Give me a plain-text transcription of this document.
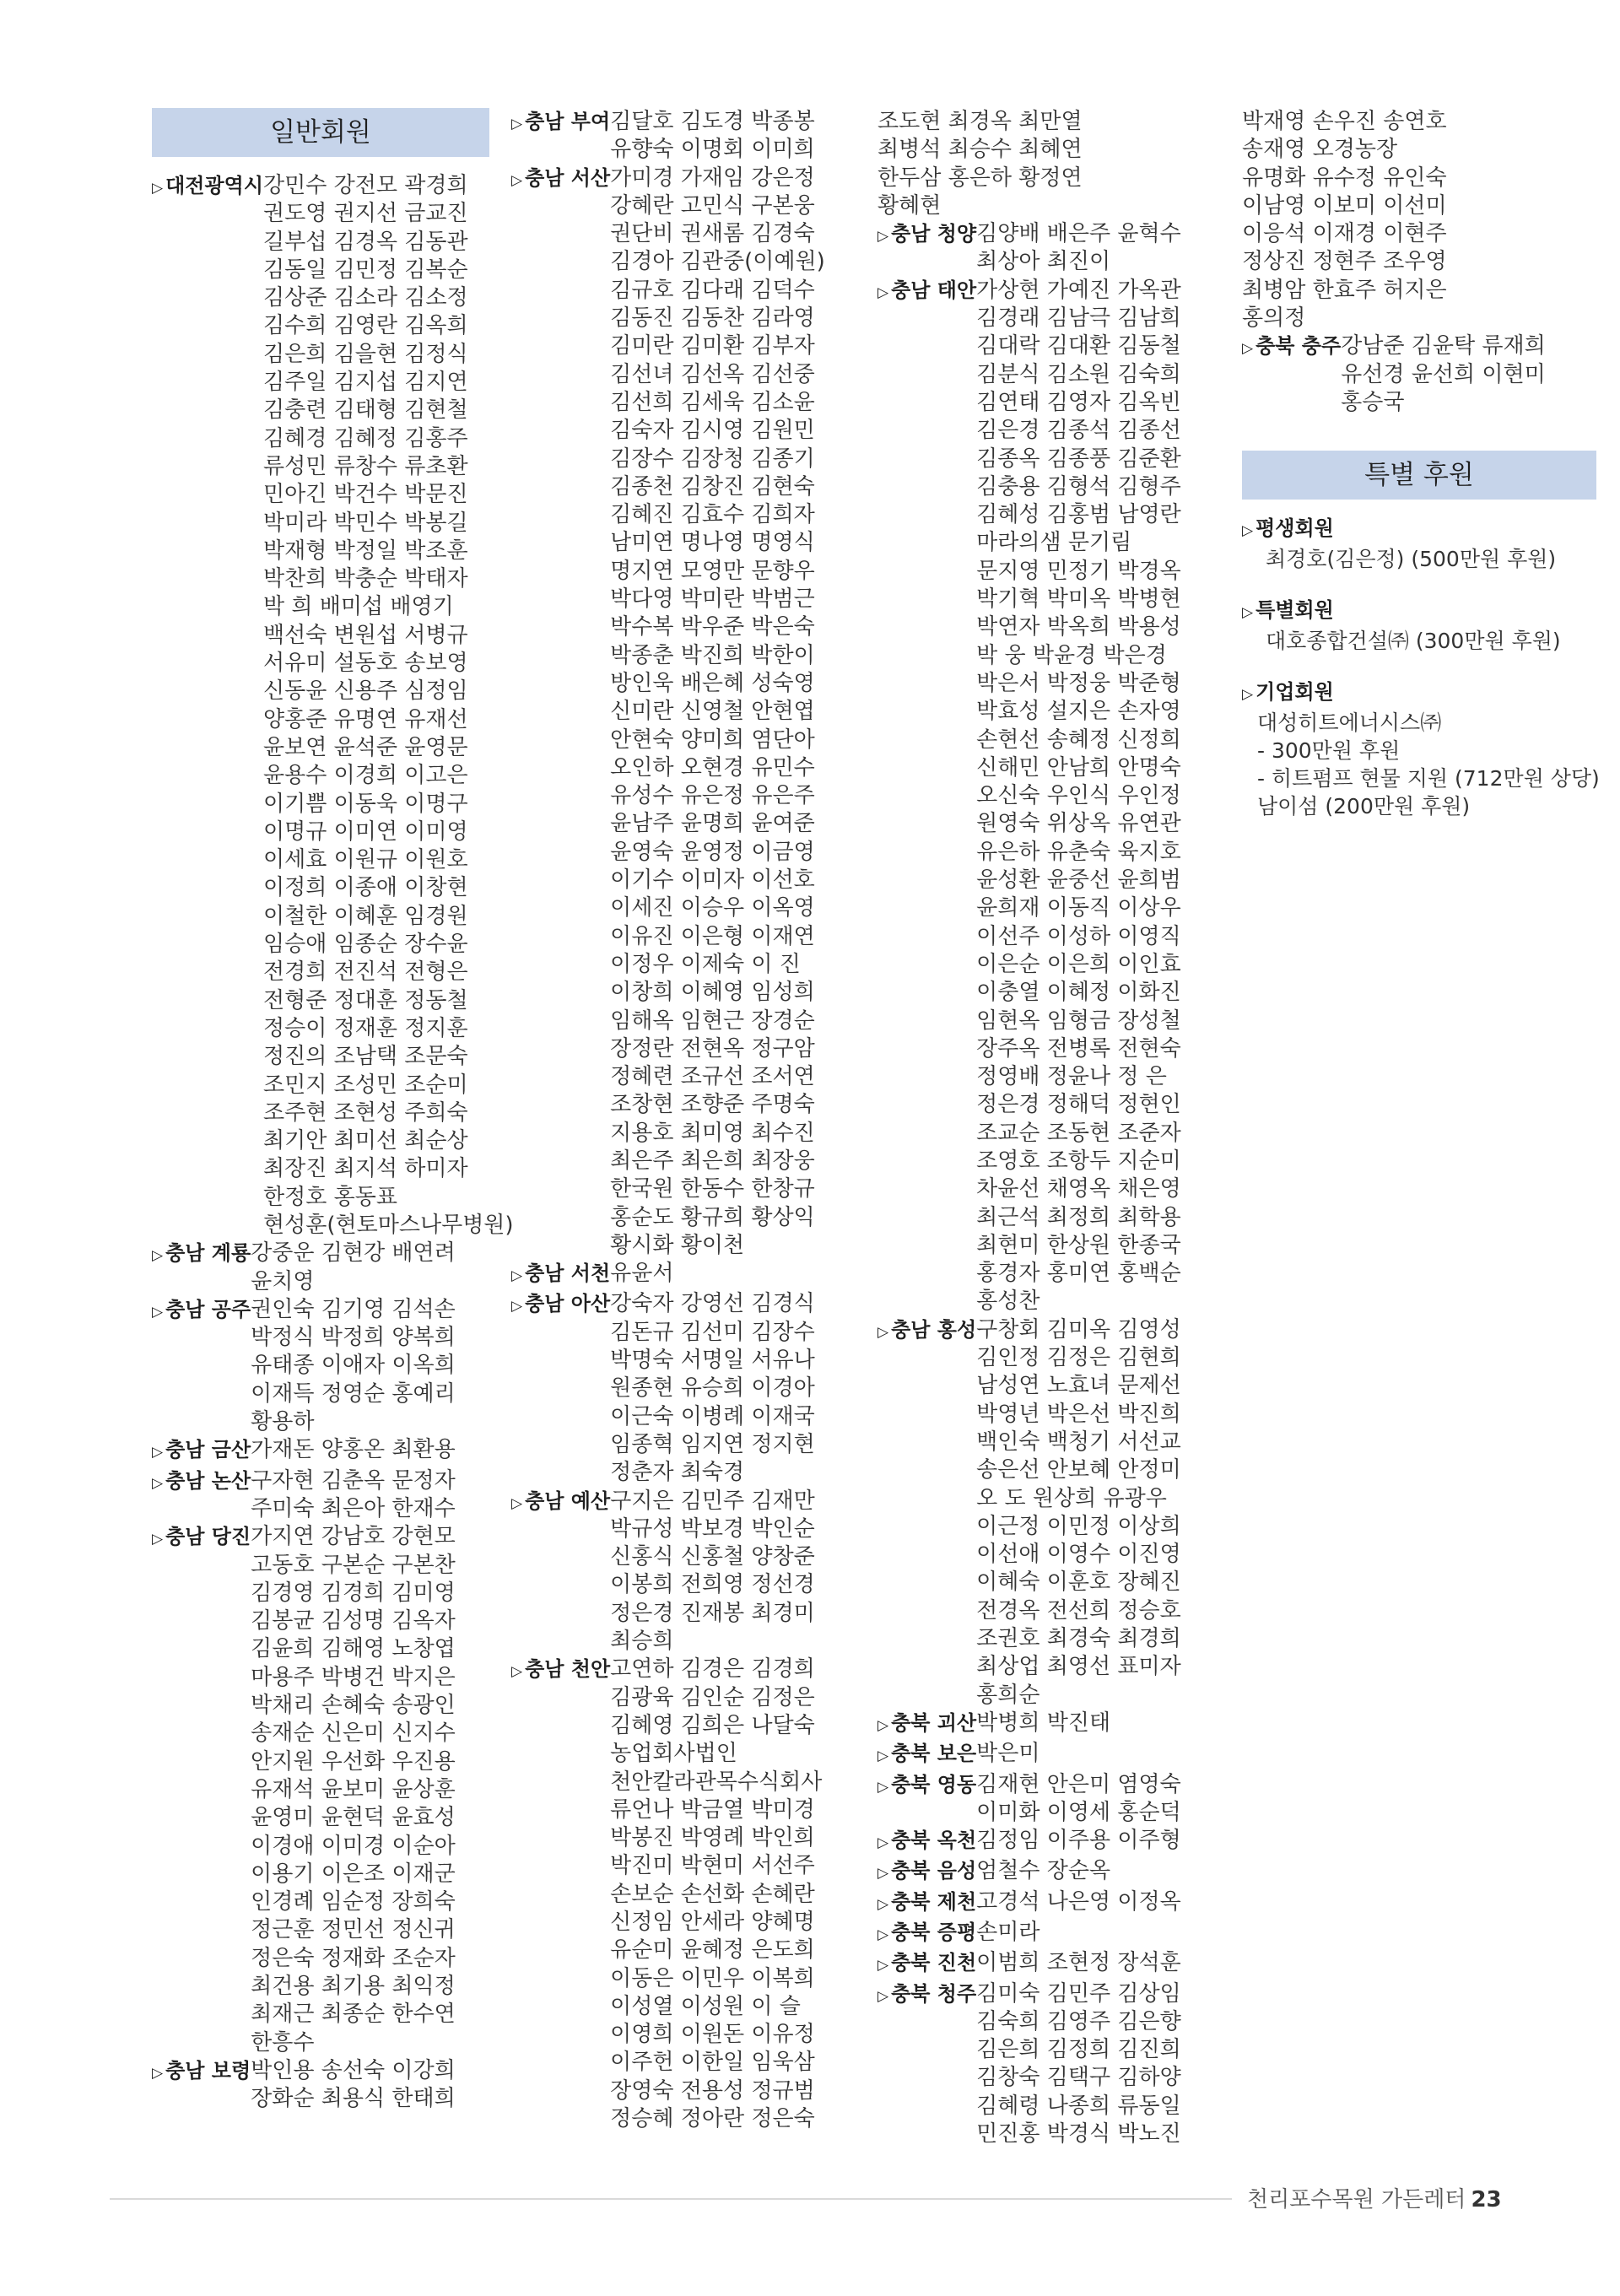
일반회원
▷ 대전광역시 강민수 강전모 곽경희
권도영 권지선 금교진
길부섭 김경옥 김동관
김동일 김민정 김복순
김상준 김소라 김소정
김수희 김영란 김옥희
김은희 김을현 김정식
김주일 김지섭 김지연
김충련 김태형 김현철
김혜경 김혜정 김홍주
류성민 류창수 류초환
민아긴 박건수 박문진
박미라 박민수 박봉길
박재형 박정일 박조훈
박찬희 박충순 박태자
박 희 배미섭 배영기
백선숙 변원섭 서병규
서유미 설동호 송보영
신동윤 신용주 심정임
양홍준 유명연 유재선
윤보연 윤석준 윤영문
윤용수 이경희 이고은
이기쁨 이동욱 이명구
이명규 이미연 이미영
이세효 이원규 이원호
이정희 이종애 이창현
이철한 이혜훈 임경원
임승애 임종순 장수윤
전경희 전진석 전형은
전형준 정대훈 정동철
정승이 정재훈 정지훈
정진의 조남택 조문숙
조민지 조성민 조순미
조주현 조현성 주희숙
최기안 최미선 최순상
최장진 최지석 하미자
한정호 홍동표
현성훈(현토마스나무병원)
▷ 충남 계룡 강중운 김현강 배연려
윤치영
▷ 충남 공주 권인숙 김기영 김석손
박정식 박정희 양복희
유태종 이애자 이옥희
이재득 정영순 홍예리
황용하
▷ 충남 금산 가재돈 양홍온 최환용
▷ 충남 논산 구자현 김춘옥 문정자
주미숙 최은아 한재수
▷ 충남 당진 가지연 강남호 강현모
고동호 구본순 구본찬
김경영 김경희 김미영
김봉균 김성명 김옥자
김윤희 김해영 노창엽
마용주 박병건 박지은
박채리 손혜숙 송광인
송재순 신은미 신지수
안지원 우선화 우진용
유재석 윤보미 윤상훈
윤영미 윤현덕 윤효성
이경애 이미경 이순아
이용기 이은조 이재군
인경례 임순정 장희숙
정근훈 정민선 정신귀
정은숙 정재화 조순자
최건용 최기용 최익정
최재근 최종순 한수연
한흥수
▷ 충남 보령 박인용 송선숙 이강희
장화순 최용식 한태희
▷ 충남 부여 김달호 김도경 박종봉
유향숙 이명회 이미희
▷ 충남 서산 가미경 가재임 강은정
강혜란 고민식 구본웅
권단비 권새롬 김경숙
김경아 김관중(이예원)
김규호 김다래 김덕수
김동진 김동찬 김라영
김미란 김미환 김부자
김선녀 김선옥 김선중
김선희 김세욱 김소윤
김숙자 김시영 김원민
김장수 김장청 김종기
김종천 김창진 김현숙
김혜진 김효수 김희자
남미연 명나영 명영식
명지연 모영만 문향우
박다영 박미란 박범근
박수복 박우준 박은숙
박종춘 박진희 박한이
방인욱 배은혜 성숙영
신미란 신영철 안현엽
안현숙 양미희 염단아
오인하 오현경 유민수
유성수 유은정 유은주
윤남주 윤명희 윤여준
윤영숙 윤영정 이금영
이기수 이미자 이선호
이세진 이승우 이옥영
이유진 이은형 이재연
이정우 이제숙 이 진
이창희 이혜영 임성희
임해옥 임현근 장경순
장정란 전현옥 정구암
정혜련 조규선 조서연
조창현 조향준 주명숙
지용호 최미영 최수진
최은주 최은희 최장웅
한국원 한동수 한창규
홍순도 황규희 황상익
황시화 황이천
▷ 충남 서천 유윤서
▷ 충남 아산 강숙자 강영선 김경식
김돈규 김선미 김장수
박명숙 서명일 서유나
원종현 유승희 이경아
이근숙 이병례 이재국
임종혁 임지연 정지현
정춘자 최숙경
▷ 충남 예산 구지은 김민주 김재만
박규성 박보경 박인순
신홍식 신홍철 양창준
이봉희 전희영 정선경
정은경 진재봉 최경미
최승희
▷ 충남 천안 고연하 김경은 김경희
김광육 김인순 김정은
김혜영 김희은 나달숙
농업회사법인
천안칼라관목수식회사
류언나 박금열 박미경
박봉진 박영례 박인희
박진미 박현미 서선주
손보순 손선화 손혜란
신정임 안세라 양혜명
유순미 윤혜정 은도희
이동은 이민우 이복희
이성열 이성원 이 슬
이영희 이원돈 이유정
이주헌 이한일 임욱삼
장영숙 전용성 정규범
정승혜 정아란 정은숙
조도현 최경옥 최만열
최병석 최승수 최혜연
한두삼 홍은하 황정연
황혜현
▷ 충남 청양 김양배 배은주 윤혁수
최상아 최진이
▷ 충남 태안 가상현 가예진 가옥관
김경래 김남극 김남희
김대락 김대환 김동철
김분식 김소원 김숙희
김연태 김영자 김옥빈
김은경 김종석 김종선
김종옥 김종풍 김준환
김충용 김형석 김형주
김혜성 김홍범 남영란
마라의샘 문기림
문지영 민정기 박경옥
박기혁 박미옥 박병현
박연자 박옥희 박용성
박 웅 박윤경 박은경
박은서 박정웅 박준형
박효성 설지은 손자영
손현선 송혜정 신정희
신해민 안남희 안명숙
오신숙 우인식 우인정
원영숙 위상옥 유연관
유은하 유춘숙 육지호
윤성환 윤중선 윤희범
윤희재 이동직 이상우
이선주 이성하 이영직
이은순 이은희 이인효
이충열 이혜정 이화진
임현옥 임형금 장성철
장주옥 전병록 전현숙
정영배 정윤나 정 은
정은경 정해덕 정현인
조교순 조동현 조준자
조영호 조항두 지순미
차윤선 채영옥 채은영
최근석 최정희 최학용
최현미 한상원 한종국
홍경자 홍미연 홍백순
홍성찬
▷ 충남 홍성 구창회 김미옥 김영성
김인정 김정은 김현희
남성연 노효녀 문제선
박영년 박은선 박진희
백인숙 백청기 서선교
송은선 안보혜 안정미
오 도 원상희 유광우
이근정 이민정 이상희
이선애 이영수 이진영
이혜숙 이훈호 장혜진
전경옥 전선희 정승호
조권호 최경숙 최경희
최상업 최영선 표미자
홍희순
▷ 충북 괴산 박병희 박진태
▷ 충북 보은 박은미
▷ 충북 영동 김재현 안은미 염영숙
이미화 이영세 홍순덕
▷ 충북 옥천 김정임 이주용 이주형
▷ 충북 음성 엄철수 장순옥
▷ 충북 제천 고경석 나은영 이정옥
▷ 충북 증평 손미라
▷ 충북 진천 이범희 조현정 장석훈
▷ 충북 청주 김미숙 김민주 김상임
김숙희 김영주 김은향
김은희 김정희 김진희
김창숙 김택구 김하양
김혜령 나종희 류동일
민진홍 박경식 박노진
박재영 손우진 송연호
송재영 오경농장
유명화 유수정 유인숙
이남영 이보미 이선미
이응석 이재경 이현주
정상진 정현주 조우영
최병암 한효주 허지은
홍의정
▷ 충북 충주 강남준 김윤탁 류재희
유선경 윤선희 이현미
홍승국
특별 후원
▷ 평생회원
최경호(김은정) (500만원 후원)
▷ 특별회원
대호종합건설㈜ (300만원 후원)
▷ 기업회원
대성히트에너시스㈜
- 300만원 후원
- 히트펌프 현물 지원 (712만원 상당)
남이섬 (200만원 후원)
천리포수목원 가든레터 23
